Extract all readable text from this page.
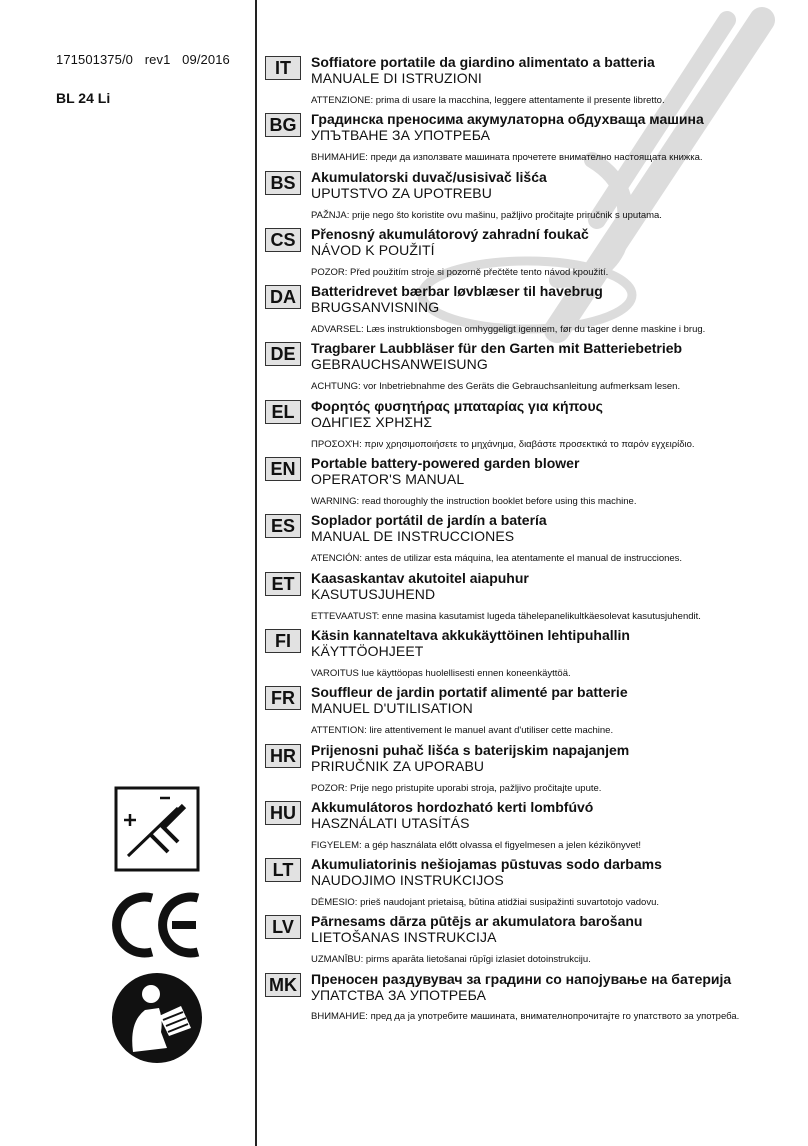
171501375/0 rev1 09/2016
BL 24 Li
IT	Soffiatore portatile da giardino alimentato a batteria
MANUALE DI ISTRUZIONI
ATTENZIONE: prima di usare la macchina, leggere attentamente il presente libretto.
BG	Градинска преносима акумулаторна обдухваща машина
УПЪТВАНЕ ЗА УПОТРЕБА
ВНИМАНИЕ: преди да използвате машината прочетете внимателно настоящата книжка.
BS	Akumulatorski duvač/usisivač lišća
UPUTSTVO ZA UPOTREBU
PAŽNJA: prije nego što koristite ovu mašinu, pažljivo pročitajte priručnik s uputama.
CS	Přenosný akumulátorový zahradní foukač
NÁVOD K POUŽITÍ
POZOR: Před použitím stroje si pozorně přečtěte tento návod kpoužití.
DA	Batteridrevet bærbar løvblæser til havebrug
BRUGSANVISNING
ADVARSEL: Læs instruktionsbogen omhyggeligt igennem, før du tager denne maskine i brug.
DE	Tragbarer Laubbläser für den Garten mit Batteriebetrieb
GEBRAUCHSANWEISUNG
ACHTUNG: vor Inbetriebnahme des Geräts die Gebrauchsanleitung aufmerksam lesen.
EL	Φορητός φυσητήρας μπαταρίας για κήπους
ΟΔΗΓΙΕΣ ΧΡΗΣΗΣ
ΠΡΟΣΟΧΉ: πριν χρησιμοποιήσετε το μηχάνημα, διαβάστε προσεκτικά το παρόν εγχειρίδιο.
EN	Portable battery-powered garden blower
OPERATOR'S MANUAL
WARNING: read thoroughly the instruction booklet before using this machine.
ES	Soplador portátil de jardín a batería
MANUAL DE INSTRUCCIONES
ATENCIÓN: antes de utilizar esta máquina, lea atentamente el manual de instrucciones.
ET	Kaasaskantav akutoitel aiapuhur
KASUTUSJUHEND
ETTEVAATUST: enne masina kasutamist lugeda tähelepanelikultkäesolevat kasutusjuhendit.
FI	Käsin kannateltava akkukäyttöinen lehtipuhallin
KÄYTTÖOHJEET
VAROITUS lue käyttöopas huolellisesti ennen koneenkäyttöä.
FR	Souffleur de jardin portatif alimenté par batterie
MANUEL D'UTILISATION
ATTENTION: lire attentivement le manuel avant d'utiliser cette machine.
HR	Prijenosni puhač lišća s baterijskim napajanjem
PRIRUČNIK ZA UPORABU
POZOR: Prije nego pristupite uporabi stroja, pažljivo pročitajte upute.
HU	Akkumulátoros hordozható kerti lombfúvó
HASZNÁLATI UTASÍTÁS
FIGYELEM: a gép használata előtt olvassa el figyelmesen a jelen kézikönyvet!
LT	Akumuliatorinis nešiojamas pūstuvas sodo darbams
NAUDOJIMO INSTRUKCIJOS
DĖMESIO: prieš naudojant prietaisą, būtina atidžiai susipažinti suvartotojo vadovu.
LV	Pārnesams dārza pūtējs ar akumulatora barošanu
LIETOŠANAS INSTRUKCIJA
UZMANĪBU: pirms aparāta lietošanai rūpīgi izlasiet dotoinstrukciju.
MK Преносен раздувувач за градини со напојување на батерија
УПАТСТВА ЗА УПОТРЕБА
ВНИМАНИЕ: пред да ја употребите машината, внимателнопрочитајте го упатството за употреба.
